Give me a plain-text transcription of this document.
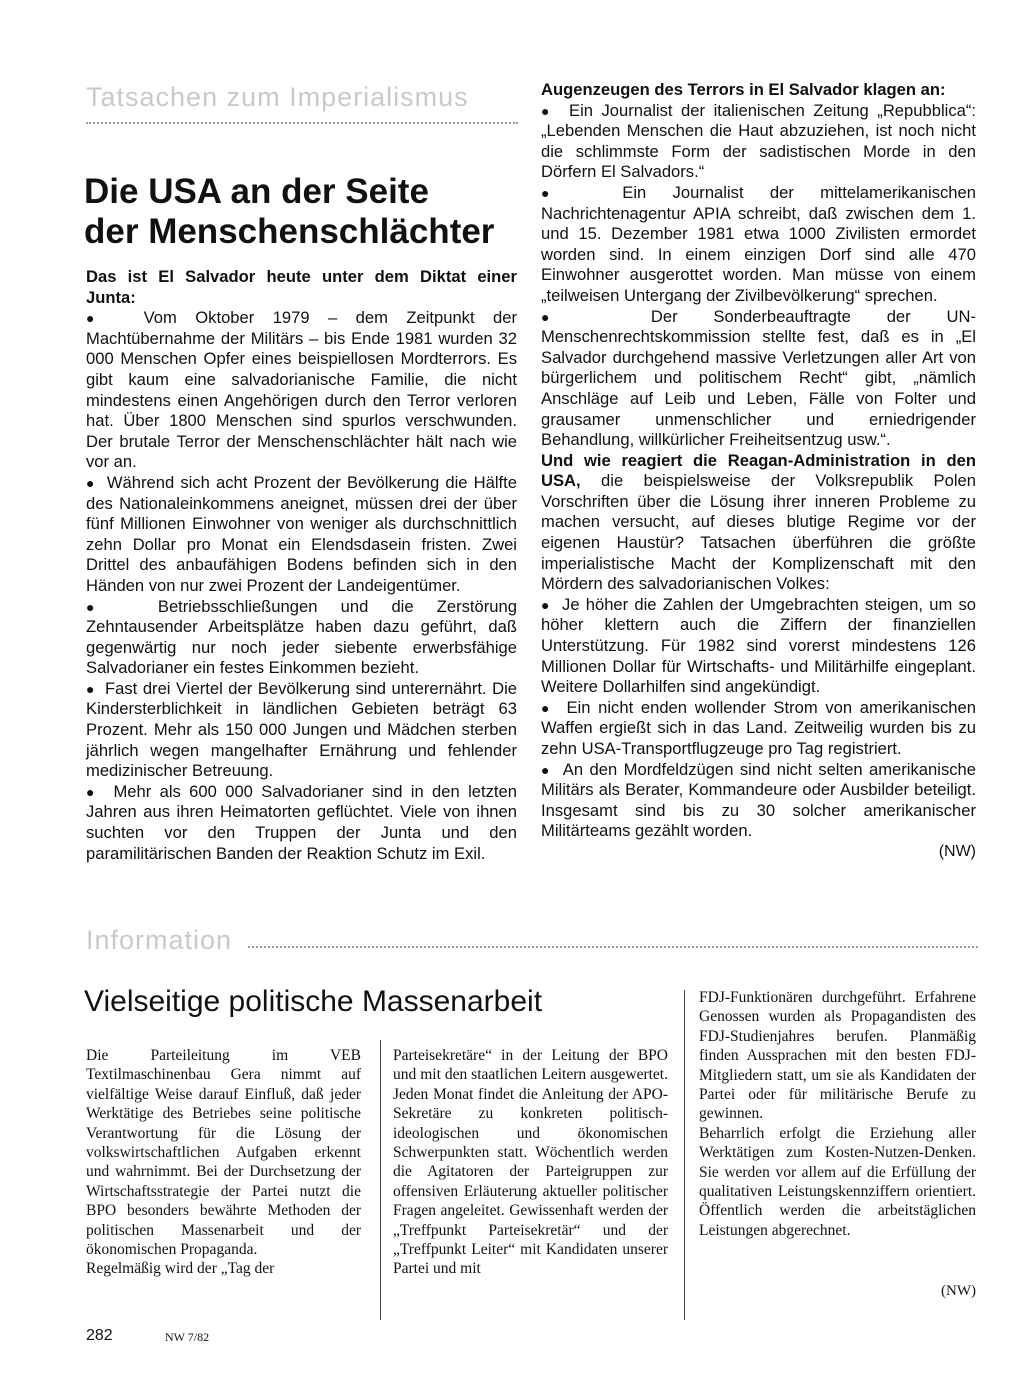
Tatsachen zum Imperialismus

Die USA an der Seite

der Menschenschlächter

Das ist El Salvador heute unter dem Diktat einer Junta:

●  Vom Oktober 1979 – dem Zeitpunkt der Machtübernahme der Militärs – bis Ende 1981 wurden 32 000 Menschen Opfer eines beispiellosen Mordterrors. Es gibt kaum eine salvadorianische Familie, die nicht mindestens einen Angehörigen durch den Terror verloren hat. Über 1800 Menschen sind spurlos verschwunden. Der brutale Terror der Menschenschlächter hält nach wie vor an.

●  Während sich acht Prozent der Bevölkerung die Hälfte des Nationaleinkommens aneignet, müssen drei der über fünf Millionen Einwohner von weniger als durchschnittlich zehn Dollar pro Monat ein Elendsdasein fristen. Zwei Drittel des anbaufähigen Bodens befinden sich in den Händen von nur zwei Prozent der Landeigentümer.

●  Betriebsschließungen und die Zerstörung Zehntausender Arbeitsplätze haben dazu geführt, daß gegenwärtig nur noch jeder siebente erwerbsfähige Salvadorianer ein festes Einkommen bezieht.

●  Fast drei Viertel der Bevölkerung sind unterernährt. Die Kindersterblichkeit in ländlichen Gebieten beträgt 63 Prozent. Mehr als 150 000 Jungen und Mädchen sterben jährlich wegen mangelhafter Ernährung und fehlender medizinischer Betreuung.

●  Mehr als 600 000 Salvadorianer sind in den letzten Jahren aus ihren Heimatorten geflüchtet. Viele von ihnen suchten vor den Truppen der Junta und den paramilitärischen Banden der Reaktion Schutz im Exil.

Augenzeugen des Terrors in El Salvador klagen an:

●  Ein Journalist der italienischen Zeitung „Repubblica“: „Lebenden Menschen die Haut abzuziehen, ist noch nicht die schlimmste Form der sadistischen Morde in den Dörfern El Salvadors.“

●  Ein Journalist der mittelamerikanischen Nachrichtenagentur APIA schreibt, daß zwischen dem 1. und 15. Dezember 1981 etwa 1000 Zivilisten ermordet worden sind. In einem einzigen Dorf sind alle 470 Einwohner ausgerottet worden. Man müsse von einem „teilweisen Untergang der Zivilbevölkerung“ sprechen.

●  Der Sonderbeauftragte der UN-Menschenrechtskommission stellte fest, daß es in „El Salvador durchgehend massive Verletzungen aller Art von bürgerlichem und politischem Recht“ gibt, „nämlich Anschläge auf Leib und Leben, Fälle von Folter und grausamer unmenschlicher und erniedrigender Behandlung, willkürlicher Freiheitsentzug usw.“.

Und wie reagiert die Reagan-Administration in den USA, die beispielsweise der Volksrepublik Polen Vorschriften über die Lösung ihrer inneren Probleme zu machen versucht, auf dieses blutige Regime vor der eigenen Haustür? Tatsachen überführen die größte imperialistische Macht der Komplizenschaft mit den Mördern des salvadorianischen Volkes:

●  Je höher die Zahlen der Umgebrachten steigen, um so höher klettern auch die Ziffern der finanziellen Unterstützung. Für 1982 sind vorerst mindestens 126 Millionen Dollar für Wirtschafts- und Militärhilfe eingeplant. Weitere Dollarhilfen sind angekündigt.

●  Ein nicht enden wollender Strom von amerikanischen Waffen ergießt sich in das Land. Zeitweilig wurden bis zu zehn USA-Transportflugzeuge pro Tag registriert.

●  An den Mordfeldzügen sind nicht selten amerikanische Militärs als Berater, Kommandeure oder Ausbilder beteiligt. Insgesamt sind bis zu 30 solcher amerikanischer Militärteams gezählt worden.

(NW)
Information
Vielseitige politische Massenarbeit

Die Parteileitung im VEB Textilmaschinenbau Gera nimmt auf vielfältige Weise darauf Einfluß, daß jeder Werktätige des Betriebes seine politische Verantwortung für die Lösung der volkswirtschaftlichen Aufgaben erkennt und wahrnimmt. Bei der Durchsetzung der Wirtschaftsstrategie der Partei nutzt die BPO besonders bewährte Methoden der politischen Massenarbeit und der ökonomischen Propaganda.

Regelmäßig wird der „Tag der

Parteisekretäre“ in der Leitung der BPO und mit den staatlichen Leitern ausgewertet. Jeden Monat findet die Anleitung der APO-Sekretäre zu konkreten politisch-ideologischen und ökonomischen Schwerpunkten statt. Wöchentlich werden die Agitatoren der Parteigruppen zur offensiven Erläuterung aktueller politischer Fragen angeleitet. Gewissenhaft werden der „Treffpunkt Parteisekretär“ und der „Treffpunkt Leiter“ mit Kandidaten unserer Partei und mit

FDJ-Funktionären durchgeführt. Erfahrene Genossen wurden als Propagandisten des FDJ-Studienjahres berufen. Planmäßig finden Aussprachen mit den besten FDJ-Mitgliedern statt, um sie als Kandidaten der Partei oder für militärische Berufe zu gewinnen.

Beharrlich erfolgt die Erziehung aller Werktätigen zum Kosten-Nutzen-Denken. Sie werden vor allem auf die Erfüllung der qualitativen Leistungskennziffern orientiert. Öffentlich werden die arbeitstäglichen Leistungen abgerechnet.

(NW)
282	NW 7/82
